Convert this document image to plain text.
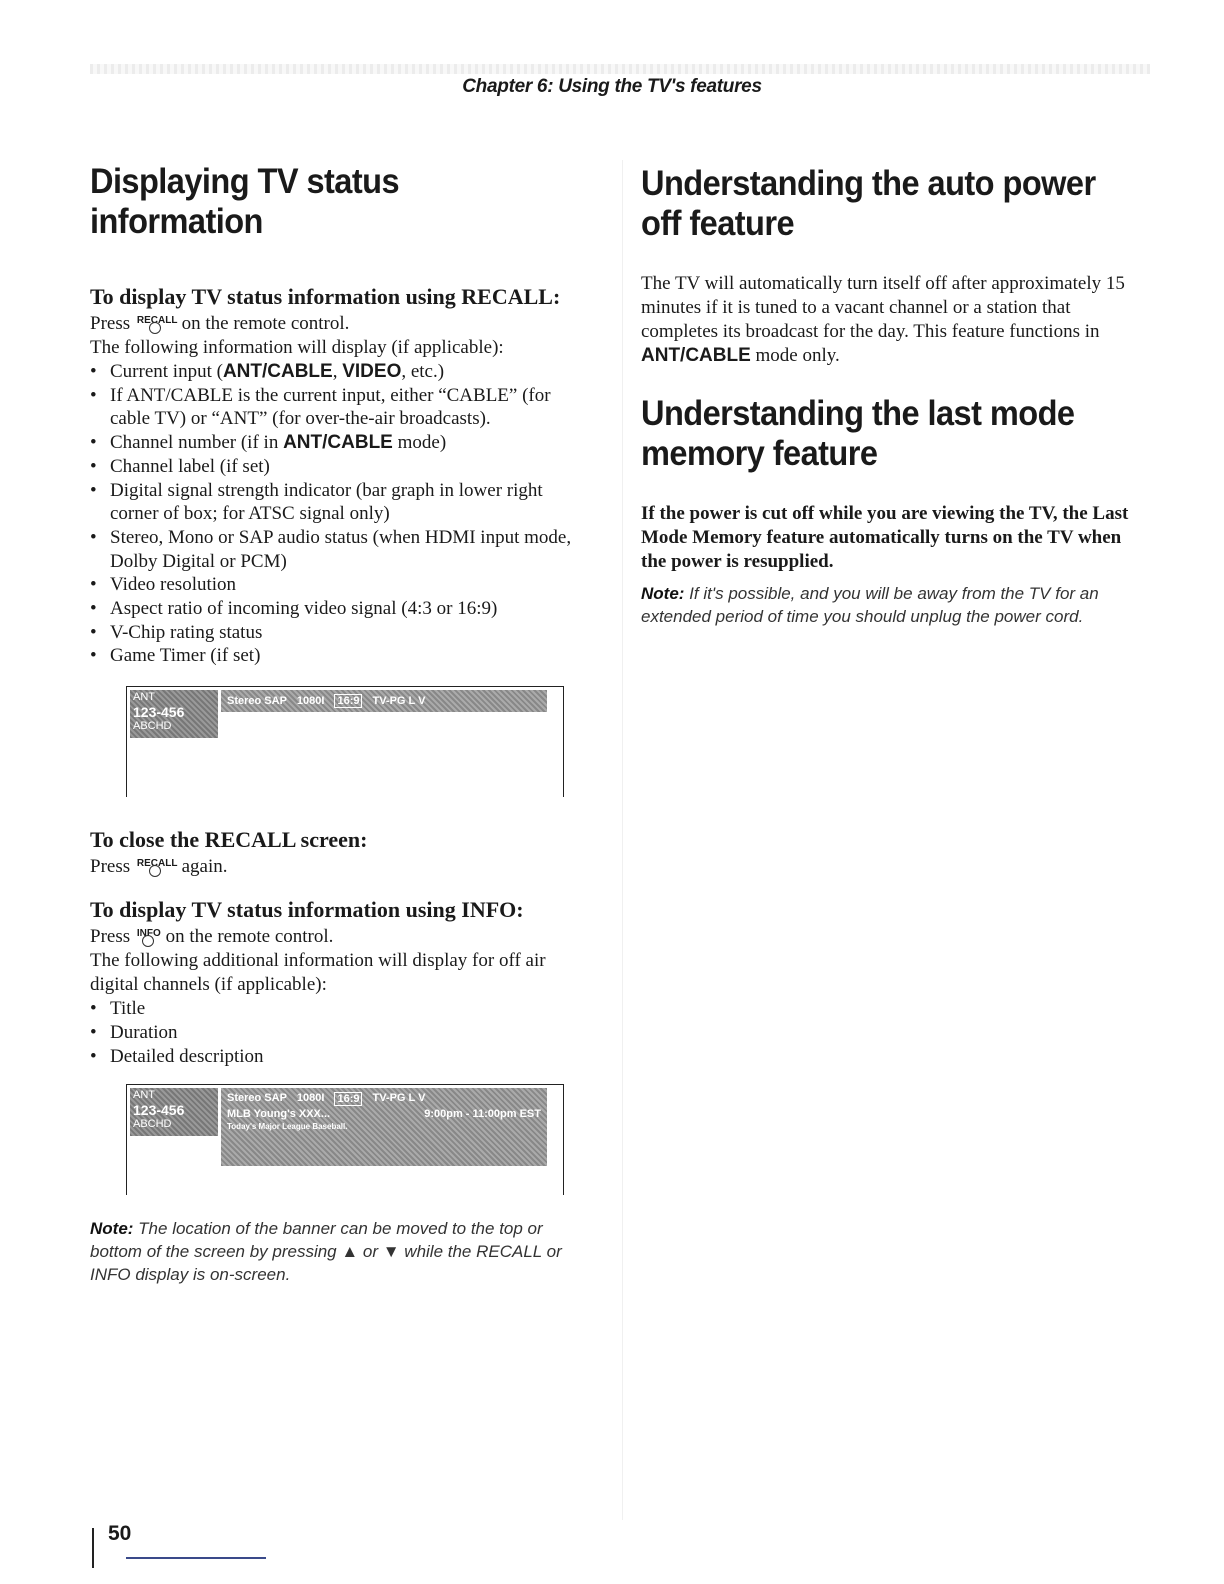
Chapter 6: Using the TV's features
Displaying TV status information
To display TV status information using RECALL:

Press RECALL on the remote control.

The following information will display (if applicable):

• Current input (ANT/CABLE, VIDEO, etc.)
• If ANT/CABLE is the current input, either “CABLE” (for cable TV) or “ANT” (for over-the-air broadcasts).
• Channel number (if in ANT/CABLE mode)
• Channel label (if set)
• Digital signal strength indicator (bar graph in lower right corner of box; for ATSC signal only)
• Stereo, Mono or SAP audio status (when HDMI input mode, Dolby Digital or PCM)
• Video resolution
• Aspect ratio of incoming video signal (4:3 or 16:9)
• V-Chip rating status
• Game Timer (if set)
ANT
123-456
ABCHD
Stereo SAP 1080I 16:9 TV-PG L V
To close the RECALL screen:

Press RECALL again.

To display TV status information using INFO:

Press INFO on the remote control.

The following additional information will display for off air digital channels (if applicable):

• Title
• Duration
• Detailed description
ANT
123-456
ABCHD
Stereo SAP 1080I 16:9 TV-PG L V
MLB Young's XXX...	9:00pm - 11:00pm EST
Today's Major League Baseball.

Note: The location of the banner can be moved to the top or bottom of the screen by pressing ▲ or ▼ while the RECALL or INFO display is on-screen.

Understanding the auto power off feature

The TV will automatically turn itself off after approximately 15 minutes if it is tuned to a vacant channel or a station that completes its broadcast for the day. This feature functions in ANT/CABLE mode only.

Understanding the last mode memory feature

If the power is cut off while you are viewing the TV, the Last Mode Memory feature automatically turns on the TV when the power is resupplied.

Note: If it's possible, and you will be away from the TV for an extended period of time you should unplug the power cord.

50
